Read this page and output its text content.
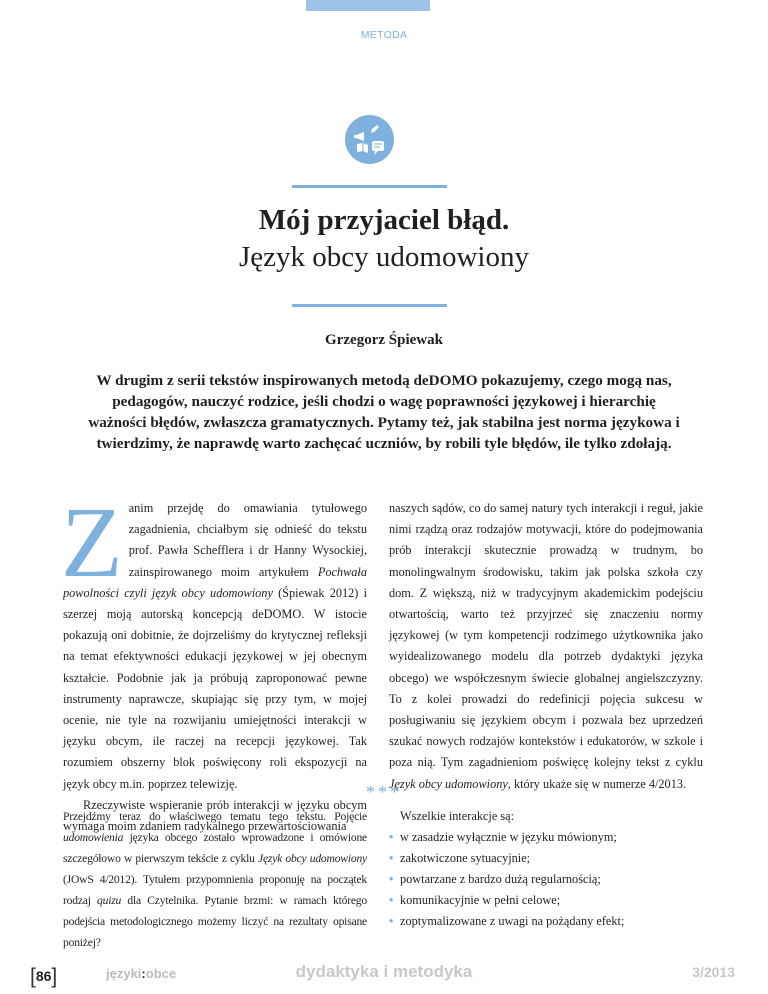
METODA
Mój przyjaciel błąd.
Język obcy udomowiony
Grzegorz Śpiewak
W drugim z serii tekstów inspirowanych metodą deDOMO pokazujemy, czego mogą nas, pedagogów, nauczyć rodzice, jeśli chodzi o wagę poprawności językowej i hierarchię ważności błędów, zwłaszcza gramatycznych. Pytamy też, jak stabilna jest norma językowa i twierdzimy, że naprawdę warto zachęcać uczniów, by robili tyle błędów, ile tylko zdołają.

Zanim przejdę do omawiania tytułowego zagadnienia, chciałbym się odnieść do tekstu prof. Pawła Schefflera i dr Hanny Wysockiej, zainspirowanego moim artykułem Pochwała powolności czyli język obcy udomowiony (Śpiewak 2012) i szerzej moją autorską koncepcją deDOMO. W istocie pokazują oni dobitnie, że dojrzeliśmy do krytycznej refleksji na temat efektywności edukacji językowej w jej obecnym kształcie. Podobnie jak ja próbują zaproponować pewne instrumenty naprawcze, skupiając się przy tym, w mojej ocenie, nie tyle na rozwijaniu umiejętności interakcji w języku obcym, ile raczej na recepcji językowej. Tak rozumiem obszerny blok poświęcony roli ekspozycji na język obcy m.in. poprzez telewizję.

Rzeczywiste wspieranie prób interakcji w języku obcym wymaga moim zdaniem radykalnego przewartościowania

naszych sądów, co do samej natury tych interakcji i reguł, jakie nimi rządzą oraz rodzajów motywacji, które do podejmowania prób interakcji skutecznie prowadzą w trudnym, bo monolingwalnym środowisku, takim jak polska szkoła czy dom. Z większą, niż w tradycyjnym akademickim podejściu otwartością, warto też przyjrzeć się znaczeniu normy językowej (w tym kompetencji rodzimego użytkownika jako wyidealizowanego modelu dla potrzeb dydaktyki języka obcego) we współczesnym świecie globalnej angielszczyzny. To z kolei prowadzi do redefinicji pojęcia sukcesu w posługiwaniu się językiem obcym i pozwala bez uprzedzeń szukać nowych rodzajów kontekstów i edukatorów, w szkole i poza nią. Tym zagadnieniom poświęcę kolejny tekst z cyklu Język obcy udomowiony, który ukaże się w numerze 4/2013.

***
Przejdźmy teraz do właściwego tematu tego tekstu. Pojęcie udomowienia języka obcego zostało wprowadzone i omówione szczegółowo w pierwszym tekście z cyklu Język obcy udomowiony (JOwS 4/2012). Tytułem przypomnienia proponuję na początek rodzaj quizu dla Czytelnika. Pytanie brzmi: w ramach którego podejścia metodologicznego możemy liczyć na rezultaty opisane poniżej?
Wszelkie interakcje są:
• w zasadzie wyłącznie w języku mówionym;
• zakotwiczone sytuacyjnie;
• powtarzane z bardzo dużą regularnością;
• komunikacyjnie w pełni celowe;
• zoptymalizowane z uwagi na pożądany efekt;
[86]	języki:obce	dydaktyka i metodyka	3/2013
